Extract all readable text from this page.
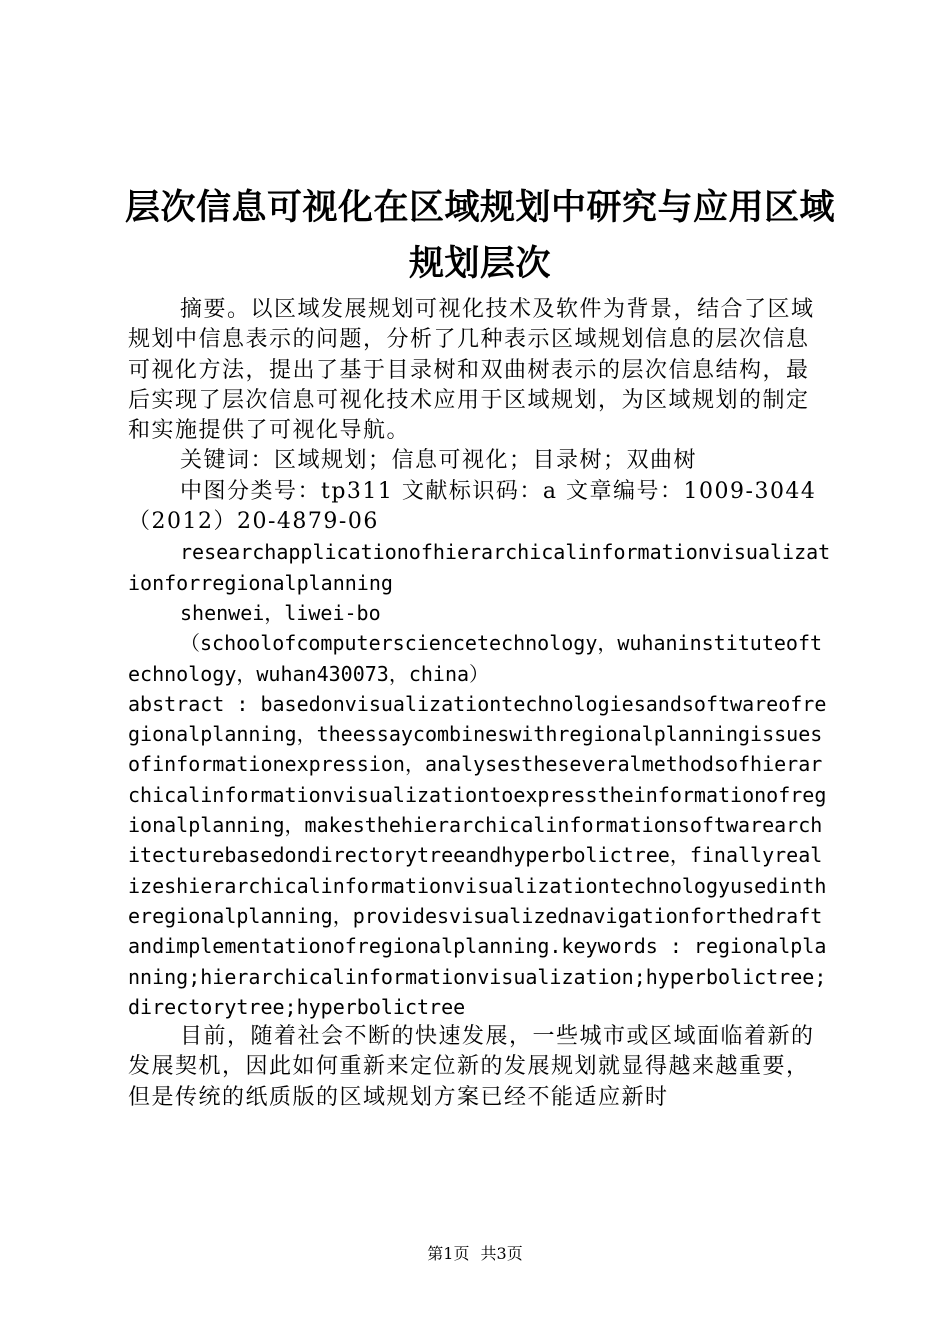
层次信息可视化在区域规划中研究与应用区域规划层次

摘要。以区域发展规划可视化技术及软件为背景，结合了区域规划中信息表示的问题，分析了几种表示区域规划信息的层次信息可视化方法，提出了基于目录树和双曲树表示的层次信息结构，最后实现了层次信息可视化技术应用于区域规划，为区域规划的制定和实施提供了可视化导航。

关键词：区域规划；信息可视化；目录树；双曲树

中图分类号：tp311 文献标识码：a 文章编号：1009-3044（2012）20-4879-06

researchapplicationofhierarchicalinformationvisualizationforregionalplanning

shenwei，liwei-bo

（schoolofcomputersciencetechnology，wuhaninstituteoftechnology，wuhan430073，china）

abstract : basedonvisualizationtechnologiesandsoftwareofregionalplanning，theessaycombineswithregionalplanningissuesofinformationexpression，analysestheseveralmethodsofhierarchicalinformationvisualizationtoexpresstheinformationofregionalplanning，makesthehierarchicalinformationsoftwarearchitecturebasedondirectorytreeandhyperbolictree，finallyrealizeshierarchicalinformationvisualizationtechnologyusedintheregionalplanning，providesvisualizednavigationforthedraftandimplementationofregionalplanning.keywords : regionalplanning;hierarchicalinformationvisualization;hyperbolictree;directorytree;hyperbolictree

目前，随着社会不断的快速发展，一些城市或区域面临着新的发展契机，因此如何重新来定位新的发展规划就显得越来越重要，但是传统的纸质版的区域规划方案已经不能适应新时

第1页 共3页
